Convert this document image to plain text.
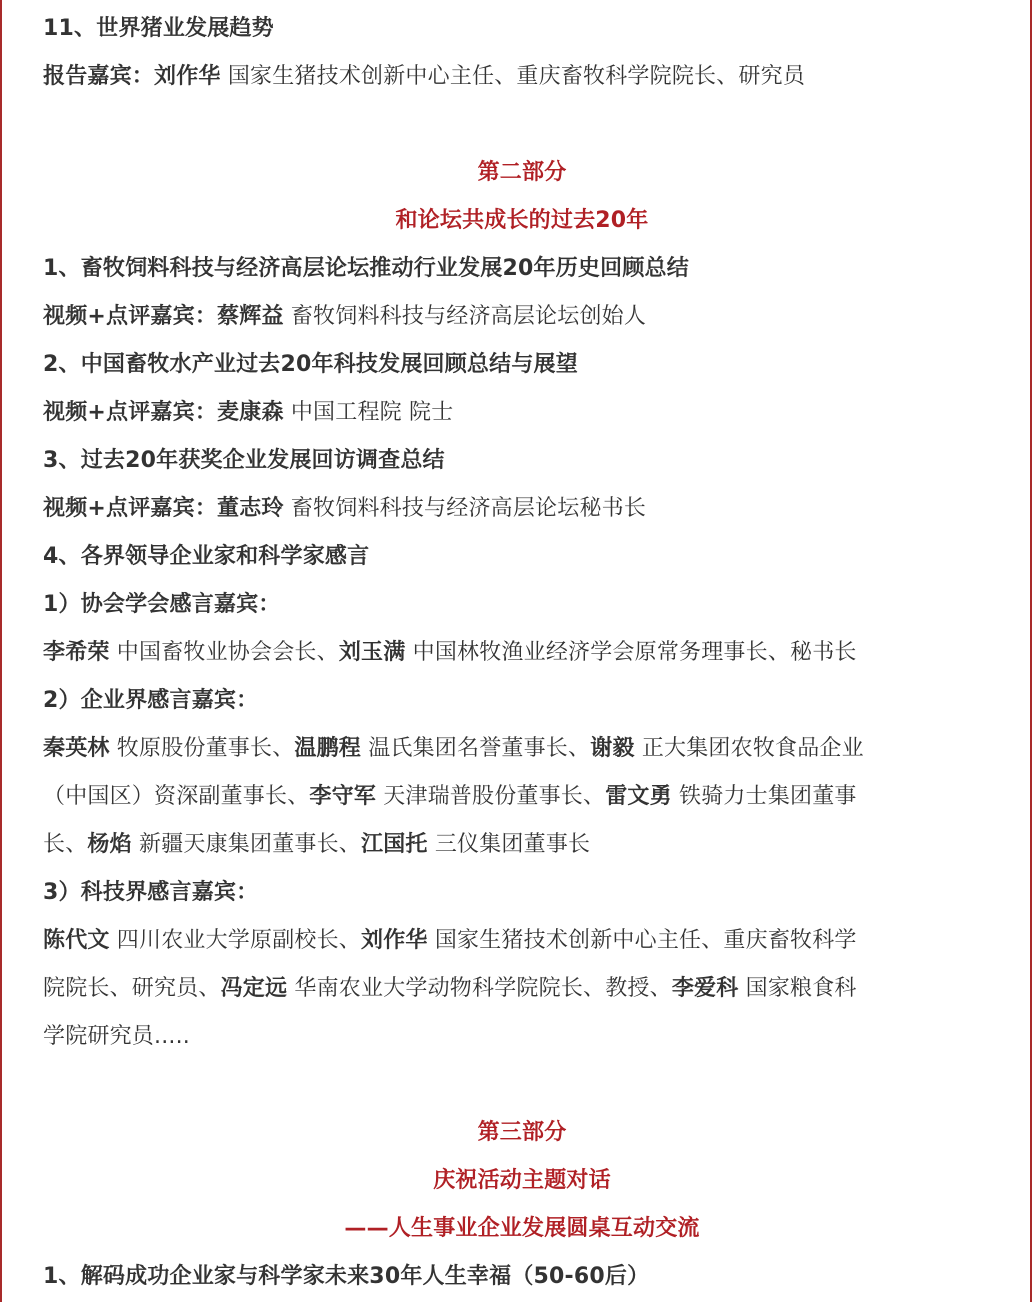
11、世界猪业发展趋势
报告嘉宾：刘作华 国家生猪技术创新中心主任、重庆畜牧科学院院长、研究员
第二部分
和论坛共成长的过去20年
1、畜牧饲料科技与经济高层论坛推动行业发展20年历史回顾总结
视频+点评嘉宾：蔡辉益 畜牧饲料科技与经济高层论坛创始人
2、中国畜牧水产业过去20年科技发展回顾总结与展望
视频+点评嘉宾：麦康森 中国工程院 院士
3、过去20年获奖企业发展回访调查总结
视频+点评嘉宾：董志玲 畜牧饲料科技与经济高层论坛秘书长
4、各界领导企业家和科学家感言
1）协会学会感言嘉宾：
李希荣 中国畜牧业协会会长、刘玉满 中国林牧渔业经济学会原常务理事长、秘书长
2）企业界感言嘉宾：
秦英林 牧原股份董事长、温鹏程 温氏集团名誉董事长、谢毅 正大集团农牧食品企业
（中国区）资深副董事长、李守军 天津瑞普股份董事长、雷文勇 铁骑力士集团董事
长、杨焰 新疆天康集团董事长、江国托 三仪集团董事长
3）科技界感言嘉宾：
陈代文 四川农业大学原副校长、刘作华 国家生猪技术创新中心主任、重庆畜牧科学
院院长、研究员、冯定远 华南农业大学动物科学院院长、教授、李爱科 国家粮食科
学院研究员.....
第三部分
庆祝活动主题对话
——人生事业企业发展圆桌互动交流
1、解码成功企业家与科学家未来30年人生幸福（50-60后）
